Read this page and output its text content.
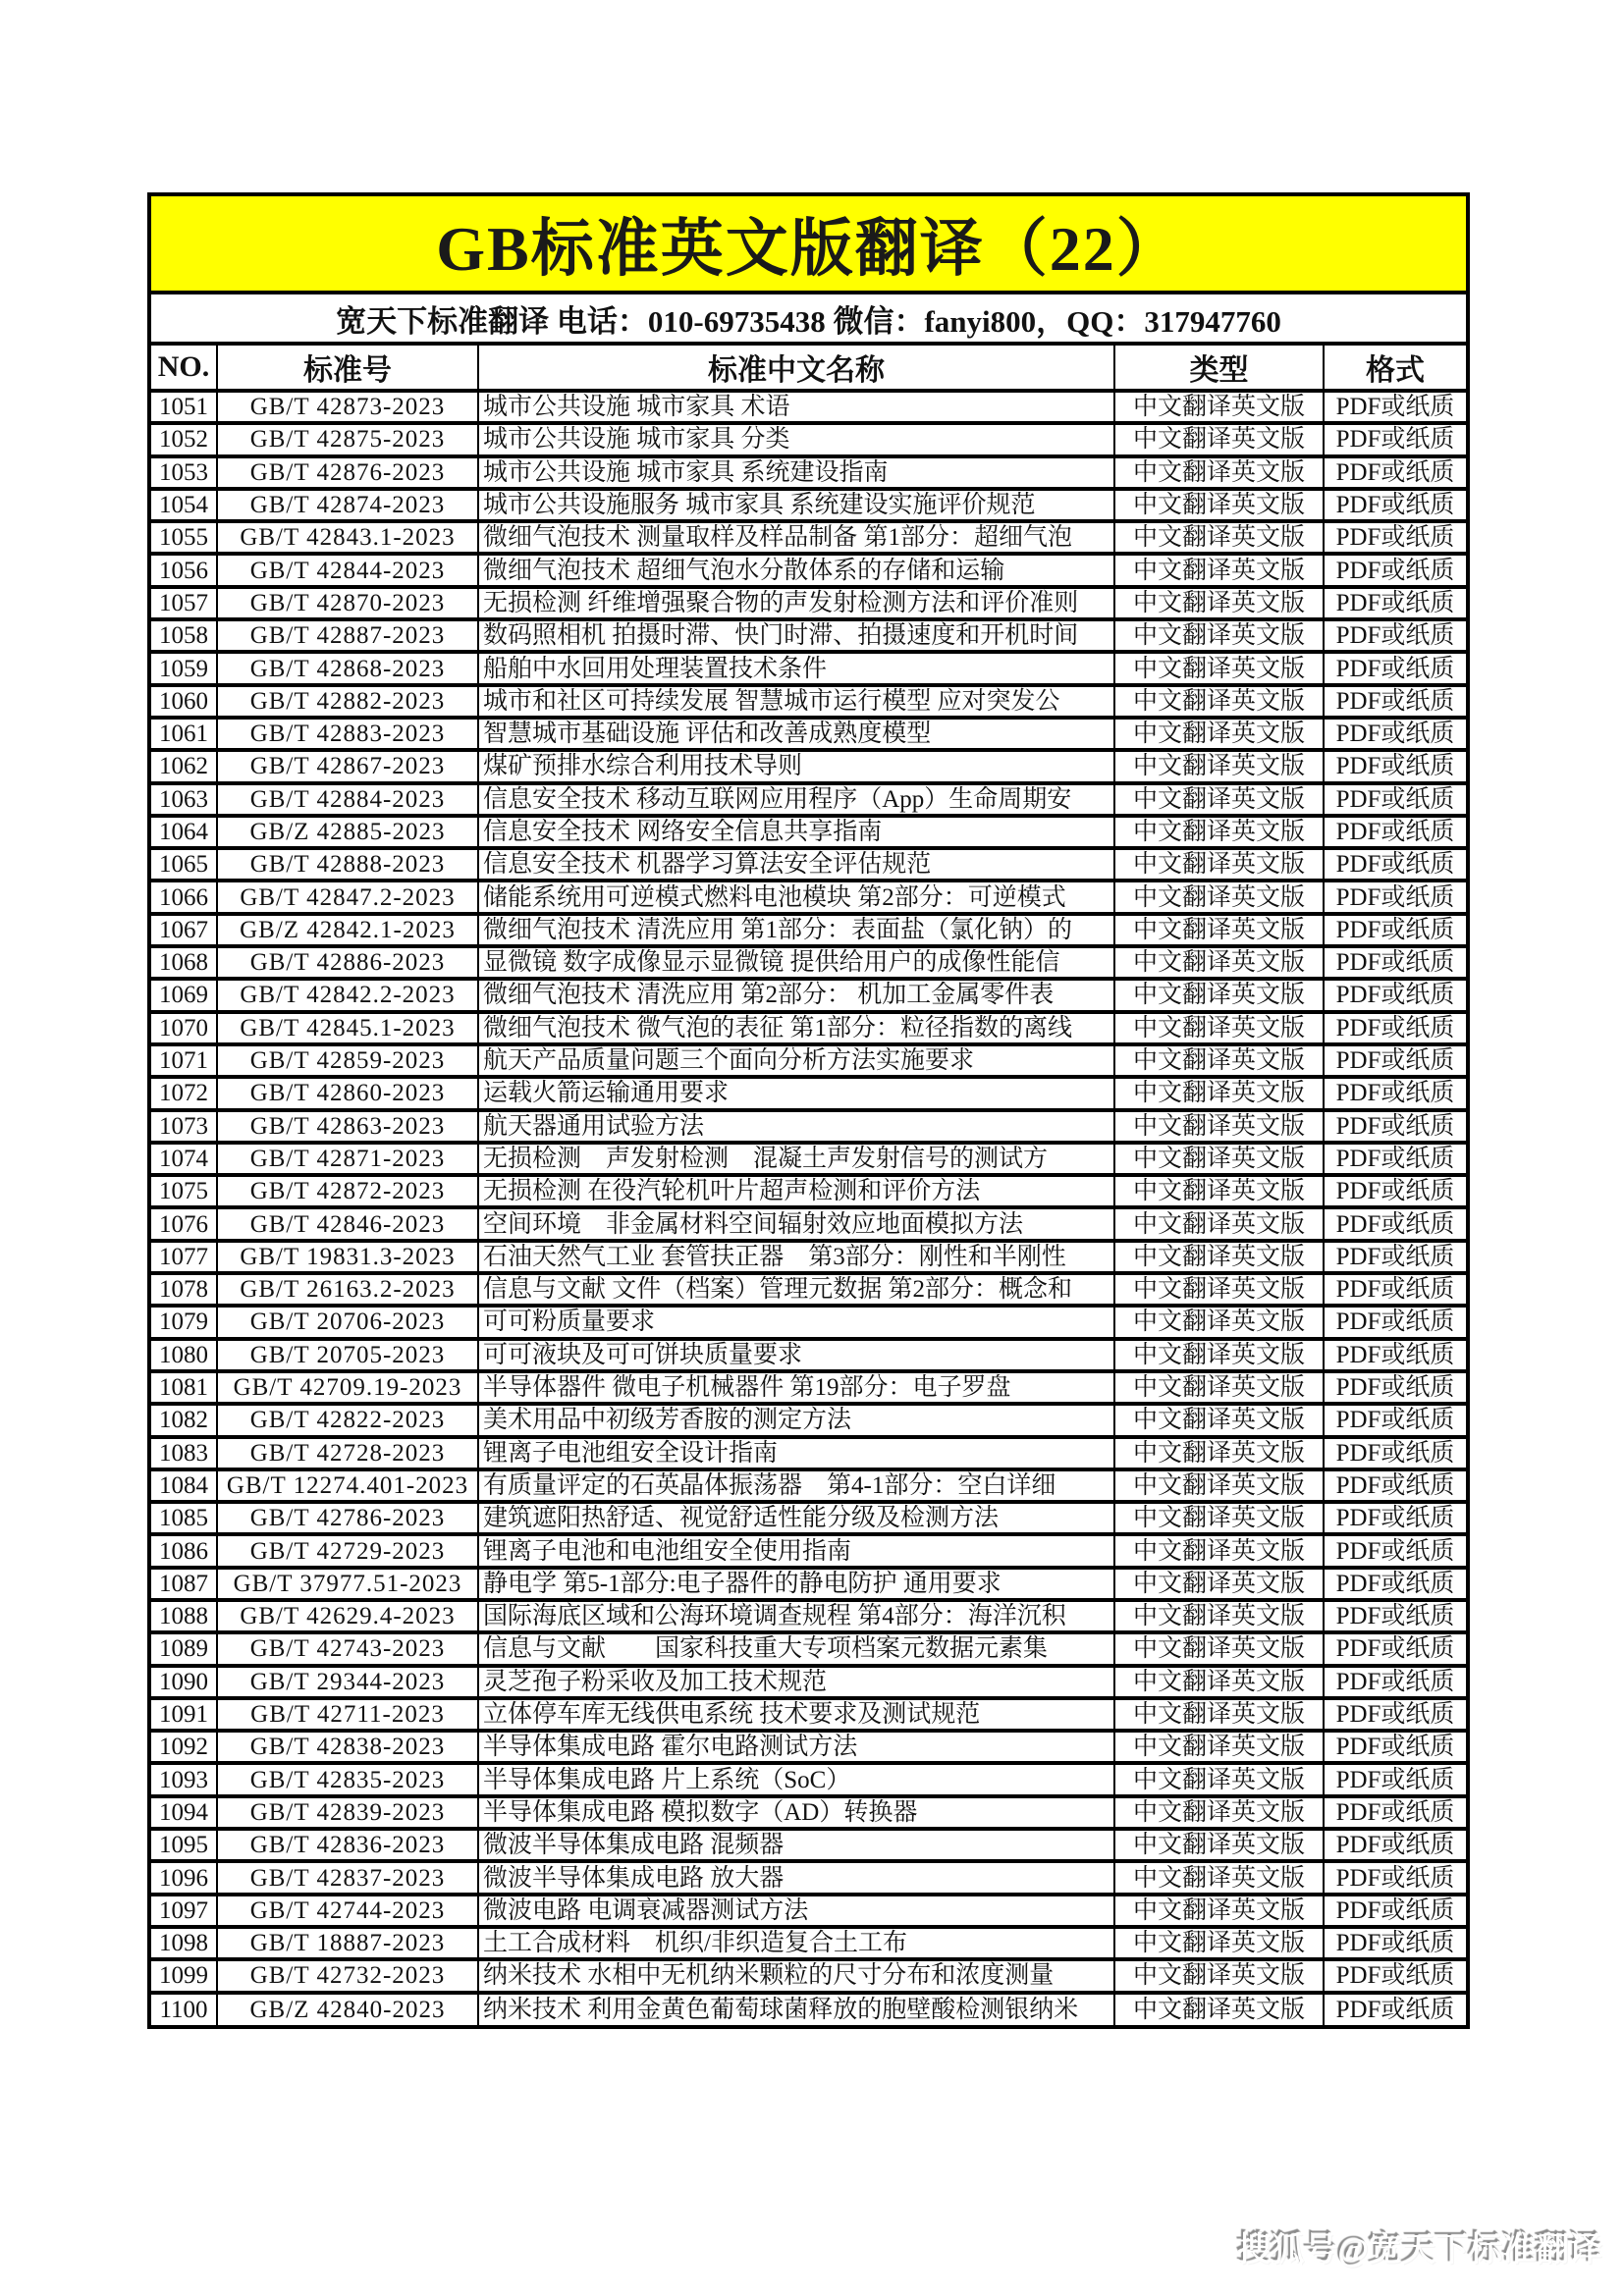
GB标准英文版翻译（22）
宽天下标准翻译 电话：010-69735438 微信：fanyi800，QQ：317947760
NO.	标准号	标准中文名称	类型	格式
1051	GB/T 42873-2023	城市公共设施 城市家具 术语	中文翻译英文版	PDF或纸质
1052	GB/T 42875-2023	城市公共设施 城市家具 分类	中文翻译英文版	PDF或纸质
1053	GB/T 42876-2023	城市公共设施 城市家具 系统建设指南	中文翻译英文版	PDF或纸质
1054	GB/T 42874-2023	城市公共设施服务 城市家具 系统建设实施评价规范	中文翻译英文版	PDF或纸质
1055	GB/T 42843.1-2023	微细气泡技术 测量取样及样品制备 第1部分：超细气泡	中文翻译英文版	PDF或纸质
1056	GB/T 42844-2023	微细气泡技术 超细气泡水分散体系的存储和运输	中文翻译英文版	PDF或纸质
1057	GB/T 42870-2023	无损检测 纤维增强聚合物的声发射检测方法和评价准则	中文翻译英文版	PDF或纸质
1058	GB/T 42887-2023	数码照相机 拍摄时滞、快门时滞、拍摄速度和开机时间	中文翻译英文版	PDF或纸质
1059	GB/T 42868-2023	船舶中水回用处理装置技术条件	中文翻译英文版	PDF或纸质
1060	GB/T 42882-2023	城市和社区可持续发展 智慧城市运行模型 应对突发公	中文翻译英文版	PDF或纸质
1061	GB/T 42883-2023	智慧城市基础设施 评估和改善成熟度模型	中文翻译英文版	PDF或纸质
1062	GB/T 42867-2023	煤矿预排水综合利用技术导则	中文翻译英文版	PDF或纸质
1063	GB/T 42884-2023	信息安全技术 移动互联网应用程序（App）生命周期安	中文翻译英文版	PDF或纸质
1064	GB/Z 42885-2023	信息安全技术 网络安全信息共享指南	中文翻译英文版	PDF或纸质
1065	GB/T 42888-2023	信息安全技术 机器学习算法安全评估规范	中文翻译英文版	PDF或纸质
1066	GB/T 42847.2-2023	储能系统用可逆模式燃料电池模块 第2部分：可逆模式	中文翻译英文版	PDF或纸质
1067	GB/Z 42842.1-2023	微细气泡技术 清洗应用 第1部分：表面盐（氯化钠）的	中文翻译英文版	PDF或纸质
1068	GB/T 42886-2023	显微镜 数字成像显示显微镜 提供给用户的成像性能信	中文翻译英文版	PDF或纸质
1069	GB/T 42842.2-2023	微细气泡技术 清洗应用 第2部分： 机加工金属零件表	中文翻译英文版	PDF或纸质
1070	GB/T 42845.1-2023	微细气泡技术 微气泡的表征 第1部分：粒径指数的离线	中文翻译英文版	PDF或纸质
1071	GB/T 42859-2023	航天产品质量问题三个面向分析方法实施要求	中文翻译英文版	PDF或纸质
1072	GB/T 42860-2023	运载火箭运输通用要求	中文翻译英文版	PDF或纸质
1073	GB/T 42863-2023	航天器通用试验方法	中文翻译英文版	PDF或纸质
1074	GB/T 42871-2023	无损检测　声发射检测　混凝土声发射信号的测试方	中文翻译英文版	PDF或纸质
1075	GB/T 42872-2023	无损检测 在役汽轮机叶片超声检测和评价方法	中文翻译英文版	PDF或纸质
1076	GB/T 42846-2023	空间环境　非金属材料空间辐射效应地面模拟方法	中文翻译英文版	PDF或纸质
1077	GB/T 19831.3-2023	石油天然气工业 套管扶正器　第3部分：刚性和半刚性	中文翻译英文版	PDF或纸质
1078	GB/T 26163.2-2023	信息与文献 文件（档案）管理元数据 第2部分：概念和	中文翻译英文版	PDF或纸质
1079	GB/T 20706-2023	可可粉质量要求	中文翻译英文版	PDF或纸质
1080	GB/T 20705-2023	可可液块及可可饼块质量要求	中文翻译英文版	PDF或纸质
1081	GB/T 42709.19-2023	半导体器件 微电子机械器件 第19部分：电子罗盘	中文翻译英文版	PDF或纸质
1082	GB/T 42822-2023	美术用品中初级芳香胺的测定方法	中文翻译英文版	PDF或纸质
1083	GB/T 42728-2023	锂离子电池组安全设计指南	中文翻译英文版	PDF或纸质
1084	GB/T 12274.401-2023	有质量评定的石英晶体振荡器　第4-1部分：空白详细	中文翻译英文版	PDF或纸质
1085	GB/T 42786-2023	建筑遮阳热舒适、视觉舒适性能分级及检测方法	中文翻译英文版	PDF或纸质
1086	GB/T 42729-2023	锂离子电池和电池组安全使用指南	中文翻译英文版	PDF或纸质
1087	GB/T 37977.51-2023	静电学 第5-1部分:电子器件的静电防护 通用要求	中文翻译英文版	PDF或纸质
1088	GB/T 42629.4-2023	国际海底区域和公海环境调查规程 第4部分：海洋沉积	中文翻译英文版	PDF或纸质
1089	GB/T 42743-2023	信息与文献　　国家科技重大专项档案元数据元素集	中文翻译英文版	PDF或纸质
1090	GB/T 29344-2023	灵芝孢子粉采收及加工技术规范	中文翻译英文版	PDF或纸质
1091	GB/T 42711-2023	立体停车库无线供电系统 技术要求及测试规范	中文翻译英文版	PDF或纸质
1092	GB/T 42838-2023	半导体集成电路 霍尔电路测试方法	中文翻译英文版	PDF或纸质
1093	GB/T 42835-2023	半导体集成电路 片上系统（SoC）	中文翻译英文版	PDF或纸质
1094	GB/T 42839-2023	半导体集成电路 模拟数字（AD）转换器	中文翻译英文版	PDF或纸质
1095	GB/T 42836-2023	微波半导体集成电路 混频器	中文翻译英文版	PDF或纸质
1096	GB/T 42837-2023	微波半导体集成电路 放大器	中文翻译英文版	PDF或纸质
1097	GB/T 42744-2023	微波电路 电调衰减器测试方法	中文翻译英文版	PDF或纸质
1098	GB/T 18887-2023	土工合成材料　机织/非织造复合土工布	中文翻译英文版	PDF或纸质
1099	GB/T 42732-2023	纳米技术 水相中无机纳米颗粒的尺寸分布和浓度测量	中文翻译英文版	PDF或纸质
1100	GB/Z 42840-2023	纳米技术 利用金黄色葡萄球菌释放的胞壁酸检测银纳米	中文翻译英文版	PDF或纸质
搜狐号@宽天下标准翻译
